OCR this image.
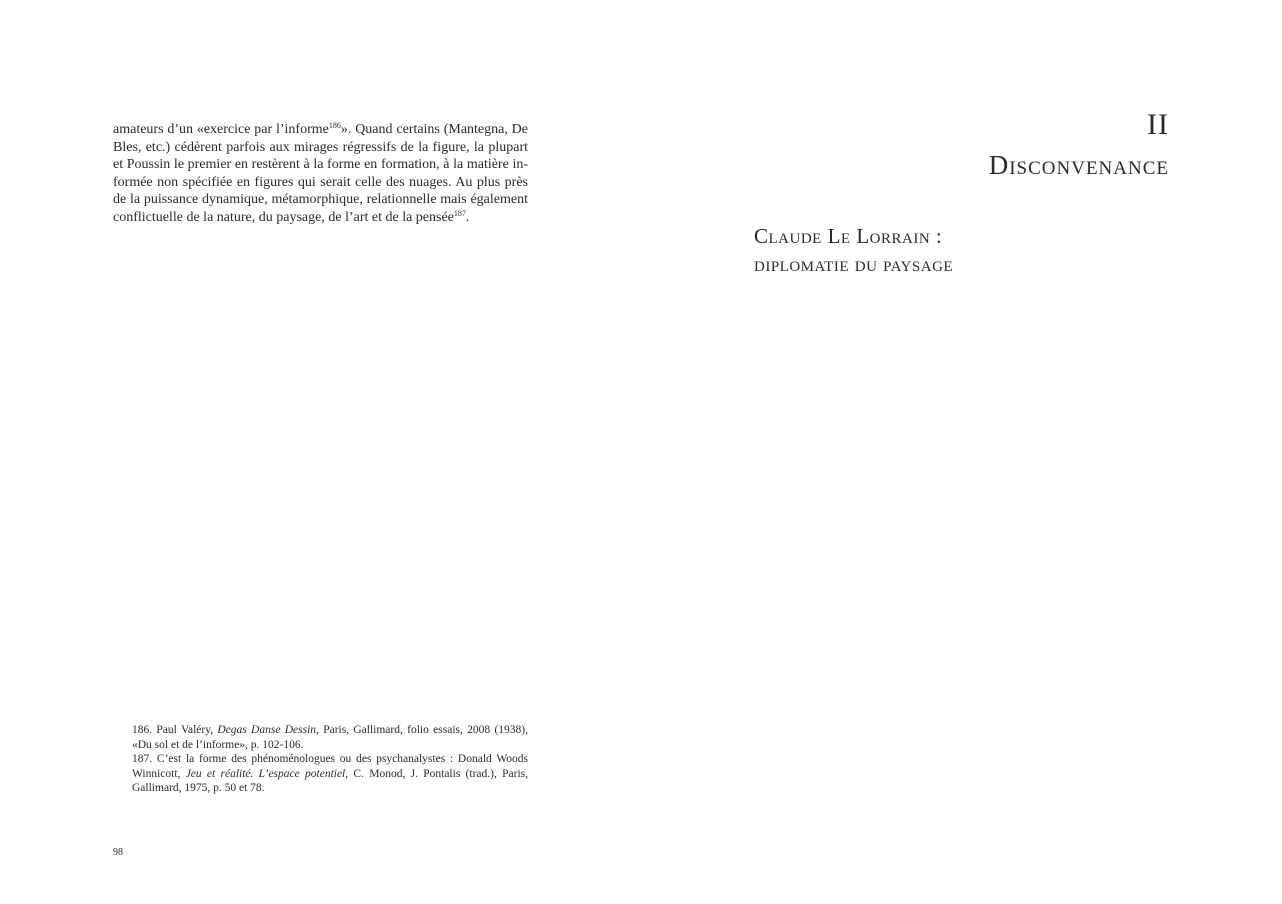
amateurs d’un «exercice par l’informe$^{186}$». Quand certains (Mantegna, De Bles, etc.) cédèrent parfois aux mirages régressifs de la figure, la plupart et Poussin le premier en restèrent à la forme en formation, à la matière in-formée non spécifiée en figures qui serait celle des nuages. Au plus près de la puissance dynamique, métamorphique, relationnelle mais également conflictuelle de la nature, du paysage, de l’art et de la pensée$^{187}$.

186. Paul Valéry, Degas Danse Dessin, Paris, Gallimard, folio essais, 2008 (1938), «Du sol et de l’informe», p. 102-106.

187. C’est la forme des phénoménologues ou des psychanalystes : Donald Woods Winnicott, Jeu et réalité. L’espace potentiel, C. Monod, J. Pontalis (trad.), Paris, Gallimard, 1975, p. 50 et 78.

98
II
Disconvenance
Claude Le Lorrain :
diplomatie du paysage
